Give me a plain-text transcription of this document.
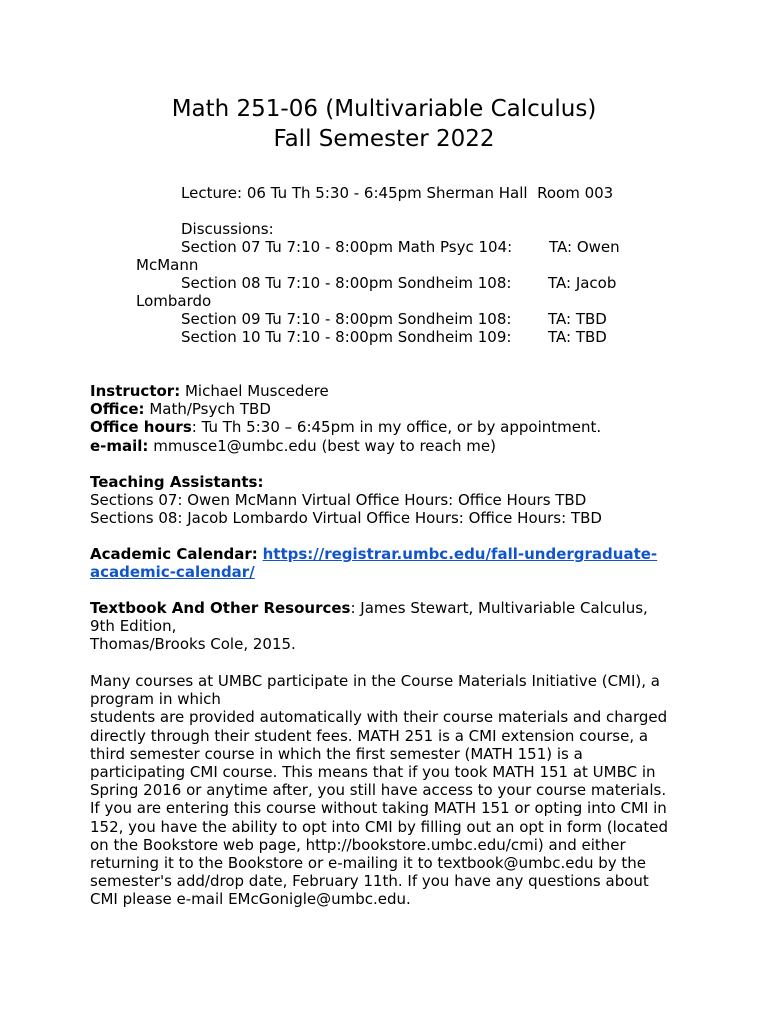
Math 251-06 (Multivariable Calculus)
Fall Semester 2022
Lecture: 06 Tu Th 5:30 - 6:45pm Sherman Hall  Room 003
Discussions:
Section 07 Tu 7:10 - 8:00pm Math Psyc 104: TA: Owen
McMann
Section 08 Tu 7:10 - 8:00pm Sondheim 108: TA: Jacob
Lombardo
Section 09 Tu 7:10 - 8:00pm Sondheim 108: TA: TBD
Section 10 Tu 7:10 - 8:00pm Sondheim 109: TA: TBD

Instructor: Michael Muscedere

Office: Math/Psych TBD

Office hours: Tu Th 5:30 – 6:45pm in my office, or by appointment.

e-mail: mmusce1@umbc.edu (best way to reach me)

Teaching Assistants:

Sections 07: Owen McMann Virtual Office Hours: Office Hours TBD

Sections 08: Jacob Lombardo Virtual Office Hours: Office Hours: TBD

Academic Calendar: https://registrar.umbc.edu/fall-undergraduate-
academic-calendar/

Textbook And Other Resources: James Stewart, Multivariable Calculus,

9th Edition,

Thomas/Brooks Cole, 2015.

Many courses at UMBC participate in the Course Materials Initiative (CMI), a

program in which

students are provided automatically with their course materials and charged

directly through their student fees. MATH 251 is a CMI extension course, a

third semester course in which the first semester (MATH 151) is a

participating CMI course. This means that if you took MATH 151 at UMBC in

Spring 2016 or anytime after, you still have access to your course materials.

If you are entering this course without taking MATH 151 or opting into CMI in

152, you have the ability to opt into CMI by filling out an opt in form (located

on the Bookstore web page, http://bookstore.umbc.edu/cmi) and either

returning it to the Bookstore or e-mailing it to textbook@umbc.edu by the

semester's add/drop date, February 11th. If you have any questions about

CMI please e-mail EMcGonigle@umbc.edu.
